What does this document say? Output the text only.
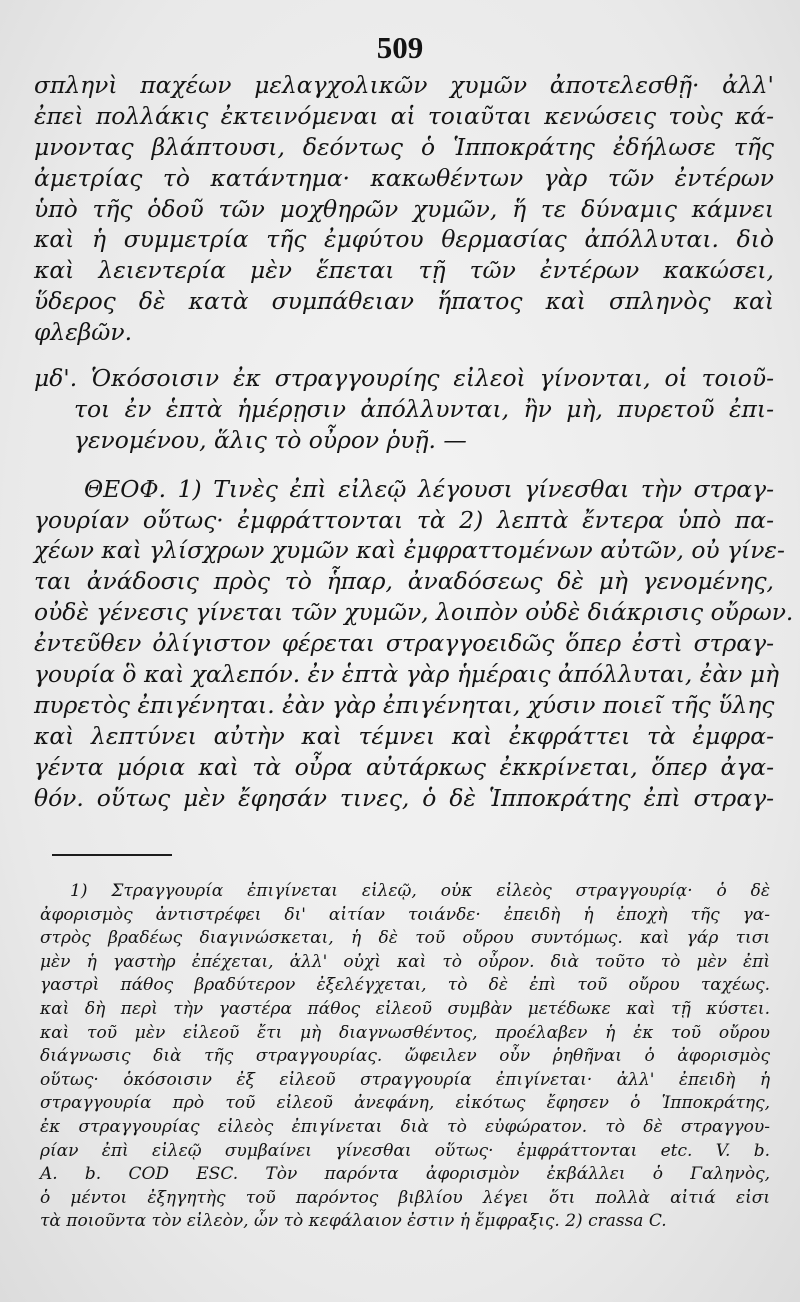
509
σπληνὶ παχέων μελαγχολικῶν χυμῶν ἀποτελεσθῇ· ἀλλ'
ἐπεὶ πολλάκις ἐκτεινόμεναι αἱ τοιαῦται κενώσεις τοὺς κά-
μνοντας βλάπτουσι, δεόντως ὁ Ἱπποκράτης ἐδήλωσε τῆς
ἀμετρίας τὸ κατάντημα· κακωθέντων γὰρ τῶν ἐντέρων
ὑπὸ τῆς ὁδοῦ τῶν μοχθηρῶν χυμῶν, ἥ τε δύναμις κάμνει
καὶ ἡ συμμετρία τῆς ἐμφύτου θερμασίας ἀπόλλυται. διὸ
καὶ λειεντερία μὲν ἕπεται τῇ τῶν ἐντέρων κακώσει,
ὕδερος δὲ κατὰ συμπάθειαν ἥπατος καὶ σπληνὸς καὶ
φλεβῶν.
μδ'. Ὁκόσοισιν ἐκ στραγγουρίης εἰλεοὶ γίνονται, οἱ τοιοῦ-
τοι ἐν ἑπτὰ ἡμέρῃσιν ἀπόλλυνται, ἢν μὴ, πυρετοῦ ἐπι-
γενομένου, ἅλις τὸ οὖρον ῥυῇ. —
ΘΕΟΦ. 1) Τινὲς ἐπὶ εἰλεῷ λέγουσι γίνεσθαι τὴν στραγ-
γουρίαν οὕτως· ἐμφράττονται τὰ 2) λεπτὰ ἔντερα ὑπὸ πα-
χέων καὶ γλίσχρων χυμῶν καὶ ἐμφραττομένων αὐτῶν, οὐ γίνε-
ται ἀνάδοσις πρὸς τὸ ἧπαρ, ἀναδόσεως δὲ μὴ γενομένης,
οὐδὲ γένεσις γίνεται τῶν χυμῶν, λοιπὸν οὐδὲ διάκρισις οὔρων.
ἐντεῦθεν ὀλίγιστον φέρεται στραγγοειδῶς ὅπερ ἐστὶ στραγ-
γουρία ὃ καὶ χαλεπόν. ἐν ἑπτὰ γὰρ ἡμέραις ἀπόλλυται, ἐὰν μὴ
πυρετὸς ἐπιγένηται. ἐὰν γὰρ ἐπιγένηται, χύσιν ποιεῖ τῆς ὕλης
καὶ λεπτύνει αὐτὴν καὶ τέμνει καὶ ἐκφράττει τὰ ἐμφρα-
γέντα μόρια καὶ τὰ οὖρα αὐτάρκως ἐκκρίνεται, ὅπερ ἀγα-
θόν. οὕτως μὲν ἔφησάν τινες, ὁ δὲ Ἱπποκράτης ἐπὶ στραγ-
1) Στραγγουρία ἐπιγίνεται εἰλεῷ, οὐκ εἰλεὸς στραγγουρίᾳ· ὁ δὲ
ἀφορισμὸς ἀντιστρέφει δι' αἰτίαν τοιάνδε· ἐπειδὴ ἡ ἐποχὴ τῆς γα-
στρὸς βραδέως διαγινώσκεται, ἡ δὲ τοῦ οὔρου συντόμως. καὶ γάρ τισι
μὲν ἡ γαστὴρ ἐπέχεται, ἀλλ' οὐχὶ καὶ τὸ οὖρον. διὰ τοῦτο τὸ μὲν ἐπὶ
γαστρὶ πάθος βραδύτερον ἐξελέγχεται, τὸ δὲ ἐπὶ τοῦ οὔρου ταχέως.
καὶ δὴ περὶ τὴν γαστέρα πάθος εἰλεοῦ συμβὰν μετέδωκε καὶ τῇ κύστει.
καὶ τοῦ μὲν εἰλεοῦ ἔτι μὴ διαγνωσθέντος, προέλαβεν ἡ ἐκ τοῦ οὔρου
διάγνωσις διὰ τῆς στραγγουρίας. ὤφειλεν οὖν ῥηθῆναι ὁ ἀφορισμὸς
οὕτως· ὁκόσοισιν ἐξ εἰλεοῦ στραγγουρία ἐπιγίνεται· ἀλλ' ἐπειδὴ ἡ
στραγγουρία πρὸ τοῦ εἰλεοῦ ἀνεφάνη, εἰκότως ἔφησεν ὁ Ἱπποκράτης,
ἐκ στραγγουρίας εἰλεὸς ἐπιγίνεται διὰ τὸ εὐφώρατον. τὸ δὲ στραγγου-
ρίαν ἐπὶ εἰλεῷ συμβαίνει γίνεσθαι οὕτως· ἐμφράττονται etc. V. b.
A. b. COD ESC. Τὸν παρόντα ἀφορισμὸν ἐκβάλλει ὁ Γαληνὸς,
ὁ μέντοι ἐξηγητὴς τοῦ παρόντος βιβλίου λέγει ὅτι πολλὰ αἰτιά εἰσι
τὰ ποιοῦντα τὸν εἰλεὸν, ὧν τὸ κεφάλαιον ἐστιν ἡ ἔμφραξις. 2) crassa C.
